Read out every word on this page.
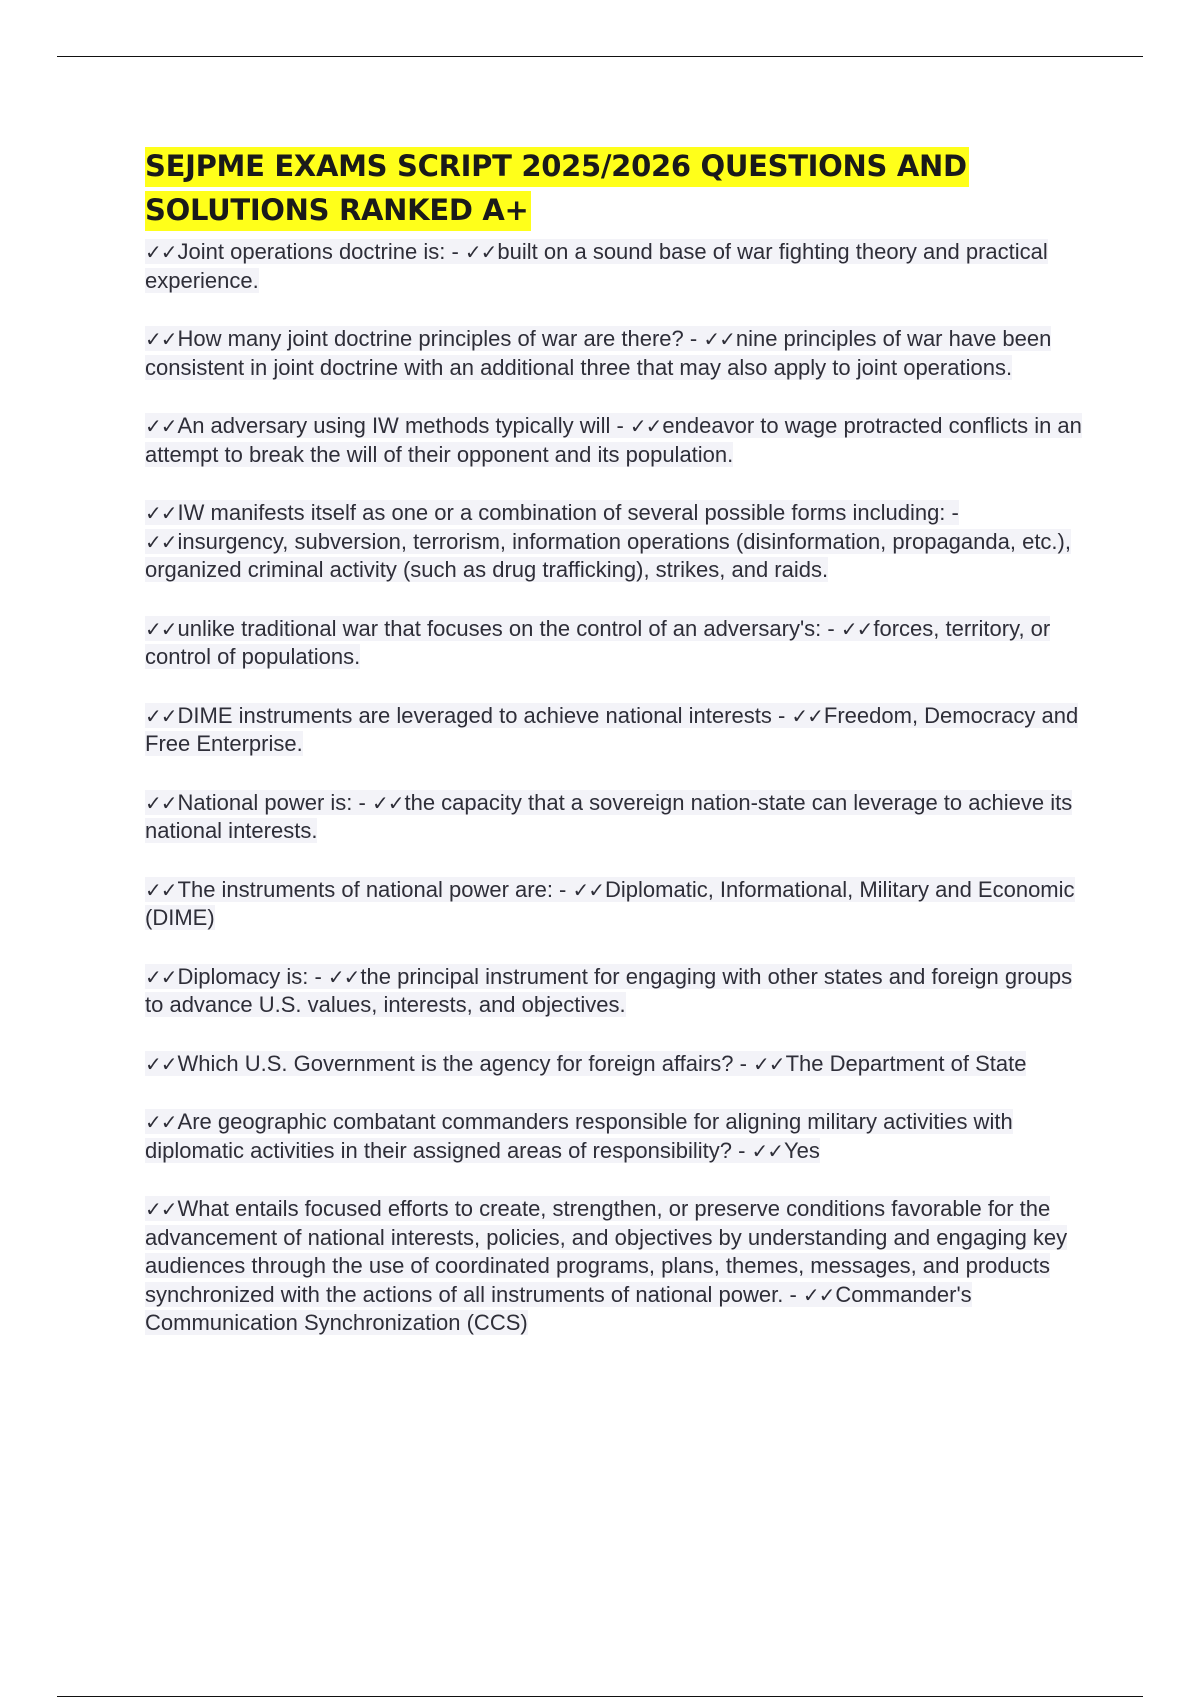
SEJPME EXAMS SCRIPT 2025/2026 QUESTIONS AND SOLUTIONS RANKED A+
✓✓Joint operations doctrine is: - ✓✓built on a sound base of war fighting theory and practical experience.
✓✓How many joint doctrine principles of war are there? - ✓✓nine principles of war have been consistent in joint doctrine with an additional three that may also apply to joint operations.
✓✓An adversary using IW methods typically will - ✓✓endeavor to wage protracted conflicts in an attempt to break the will of their opponent and its population.
✓✓IW manifests itself as one or a combination of several possible forms including: - ✓✓insurgency, subversion, terrorism, information operations (disinformation, propaganda, etc.), organized criminal activity (such as drug trafficking), strikes, and raids.
✓✓unlike traditional war that focuses on the control of an adversary's: - ✓✓forces, territory, or control of populations.
✓✓DIME instruments are leveraged to achieve national interests - ✓✓Freedom, Democracy and Free Enterprise.
✓✓National power is: - ✓✓the capacity that a sovereign nation-state can leverage to achieve its national interests.
✓✓The instruments of national power are: - ✓✓Diplomatic, Informational, Military and Economic (DIME)
✓✓Diplomacy is: - ✓✓the principal instrument for engaging with other states and foreign groups to advance U.S. values, interests, and objectives.
✓✓Which U.S. Government is the agency for foreign affairs? - ✓✓The Department of State
✓✓Are geographic combatant commanders responsible for aligning military activities with diplomatic activities in their assigned areas of responsibility? - ✓✓Yes
✓✓What entails focused efforts to create, strengthen, or preserve conditions favorable for the advancement of national interests, policies, and objectives by understanding and engaging key audiences through the use of coordinated programs, plans, themes, messages, and products synchronized with the actions of all instruments of national power. - ✓✓Commander's Communication Synchronization (CCS)
